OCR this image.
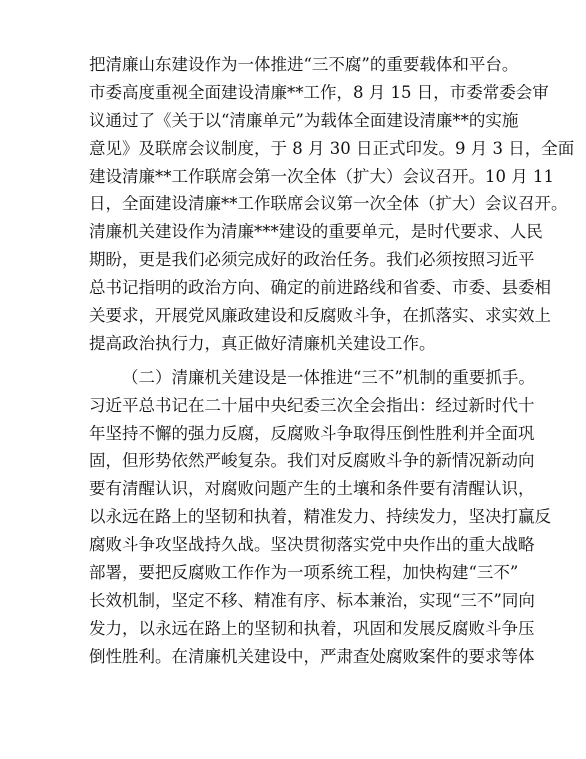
把清廉山东建设作为一体推进“三不腐”的重要载体和平台。
市委高度重视全面建设清廉**工作，8 月 15 日，市委常委会审
议通过了《关于以“清廉单元”为载体全面建设清廉**的实施
意见》及联席会议制度，于 8 月 30 日正式印发。9 月 3 日，全面
建设清廉**工作联席会第一次全体（扩大）会议召开。10 月 11
日，全面建设清廉**工作联席会议第一次全体（扩大）会议召开。
清廉机关建设作为清廉***建设的重要单元，是时代要求、人民
期盼，更是我们必须完成好的政治任务。我们必须按照习近平
总书记指明的政治方向、确定的前进路线和省委、市委、县委相
关要求，开展党风廉政建设和反腐败斗争，在抓落实、求实效上
提高政治执行力，真正做好清廉机关建设工作。
（二）清廉机关建设是一体推进“三不”机制的重要抓手。
习近平总书记在二十届中央纪委三次全会指出：经过新时代十
年坚持不懈的强力反腐，反腐败斗争取得压倒性胜利并全面巩
固，但形势依然严峻复杂。我们对反腐败斗争的新情况新动向
要有清醒认识，对腐败问题产生的土壤和条件要有清醒认识，
以永远在路上的坚韧和执着，精准发力、持续发力，坚决打赢反
腐败斗争攻坚战持久战。坚决贯彻落实党中央作出的重大战略
部署，要把反腐败工作作为一项系统工程，加快构建“三不”
长效机制，坚定不移、精准有序、标本兼治，实现“三不”同向
发力，以永远在路上的坚韧和执着，巩固和发展反腐败斗争压
倒性胜利。在清廉机关建设中，严肃查处腐败案件的要求等体
